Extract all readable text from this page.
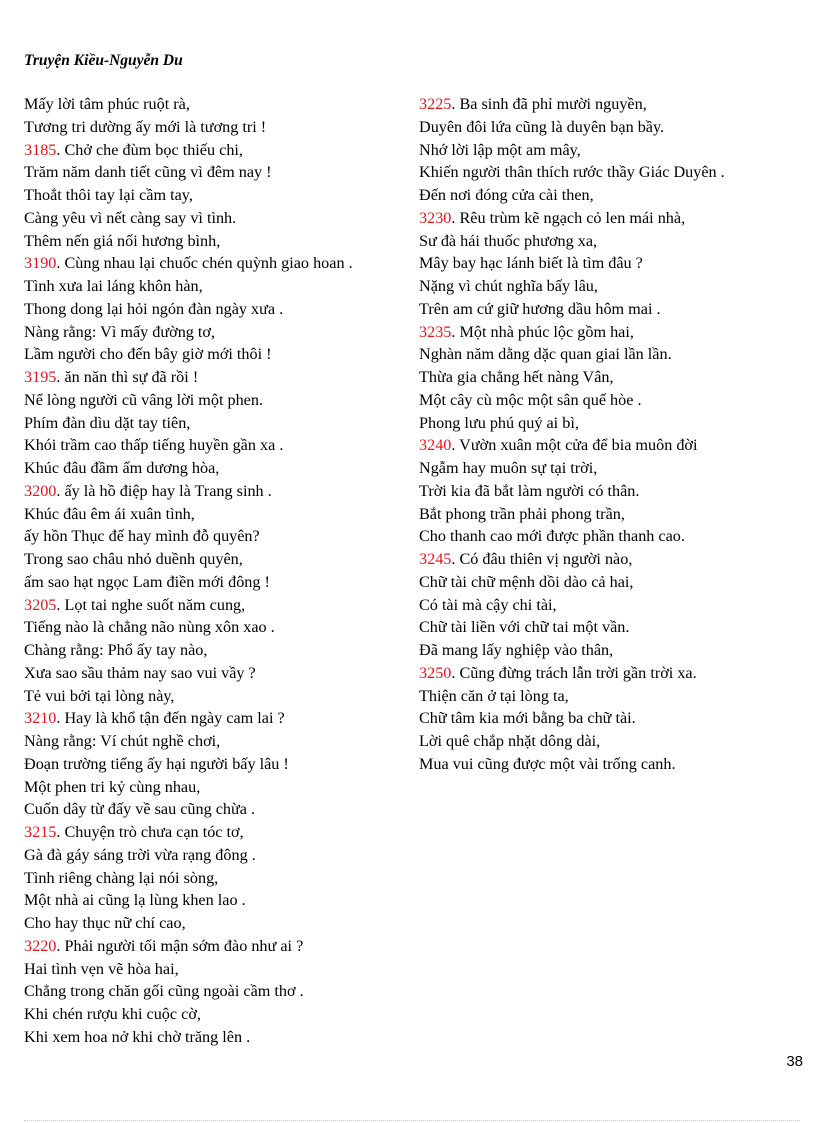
Truyện Kiều-Nguyễn Du
Mấy lời tâm phúc ruột rà,
Tương tri dường ấy mới là tương tri !
3185. Chở che đùm bọc thiếu chi,
Trăm năm danh tiết cũng vì đêm nay !
Thoắt thôi tay lại cầm tay,
Càng yêu vì nết càng say vì tình.
Thêm nến giá nối hương bình,
3190. Cùng nhau lại chuốc chén quỳnh giao hoan .
Tình xưa lai láng khôn hàn,
Thong dong lại hỏi ngón đàn ngày xưa .
Nàng rằng: Vì mấy đường tơ,
Lầm người cho đến bây giờ mới thôi !
3195. ăn năn thì sự đã rồi !
Nể lòng người cũ vâng lời một phen.
Phím đàn dìu dặt tay tiên,
Khói trầm cao thấp tiếng huyền gần xa .
Khúc đâu đầm ấm dương hòa,
3200. ấy là hồ điệp hay là Trang sinh .
Khúc đâu êm ái xuân tình,
ấy hồn Thục đế hay mình đỗ quyên?
Trong sao châu nhỏ duềnh quyên,
ấm sao hạt ngọc Lam điền mới đông !
3205. Lọt tai nghe suốt năm cung,
Tiếng nào là chẳng não nùng xôn xao .
Chàng rằng: Phổ ấy tay nào,
Xưa sao sầu thảm nay sao vui vầy ?
Tẻ vui bởi tại lòng này,
3210. Hay là khổ tận đến ngày cam lai ?
Nàng rằng: Ví chút nghề chơi,
Đoạn trường tiếng ấy hại người bấy lâu !
Một phen tri kỷ cùng nhau,
Cuốn dây từ đấy về sau cũng chừa .
3215. Chuyện trò chưa cạn tóc tơ,
Gà đà gáy sáng trời vừa rạng đông .
Tình riêng chàng lại nói sòng,
Một nhà ai cũng lạ lùng khen lao .
Cho hay thục nữ chí cao,
3220. Phải người tối mận sớm đào như ai ?
Hai tình vẹn vẽ hòa hai,
Chẳng trong chăn gối cũng ngoài cầm thơ .
Khi chén rượu khi cuộc cờ,
Khi xem hoa nở khi chờ trăng lên .
3225. Ba sinh đã phỉ mười nguyền,
Duyên đôi lứa cũng là duyên bạn bầy.
Nhớ lời lập một am mây,
Khiến người thân thích rước thầy Giác Duyên .
Đến nơi đóng cửa cài then,
3230. Rêu trùm kẽ ngạch cỏ len mái nhà,
Sư đà hái thuốc phương xa,
Mây bay hạc lánh biết là tìm đâu ?
Nặng vì chút nghĩa bấy lâu,
Trên am cứ giữ hương dầu hôm mai .
3235. Một nhà phúc lộc gồm hai,
Nghàn năm dằng dặc quan giai lần lần.
Thừa gia chẳng hết nàng Vân,
Một cây cù mộc một sân quế hòe .
Phong lưu phú quý ai bì,
3240. Vườn xuân một cửa để bia muôn đời
Ngẫm hay muôn sự tại trời,
Trời kia đã bắt làm người có thân.
Bắt phong trần phải phong trần,
Cho thanh cao mới được phần thanh cao.
3245. Có đâu thiên vị người nào,
Chữ tài chữ mệnh dồi dào cả hai,
Có tài mà cậy chi tài,
Chữ tài liền với chữ tai một vần.
Đã mang lấy nghiệp vào thân,
3250. Cũng đừng trách lẫn trời gần trời xa.
Thiện căn ở tại lòng ta,
Chữ tâm kia mới bằng ba chữ tài.
Lời quê chắp nhặt dông dài,
Mua vui cũng được một vài trống canh.
38
